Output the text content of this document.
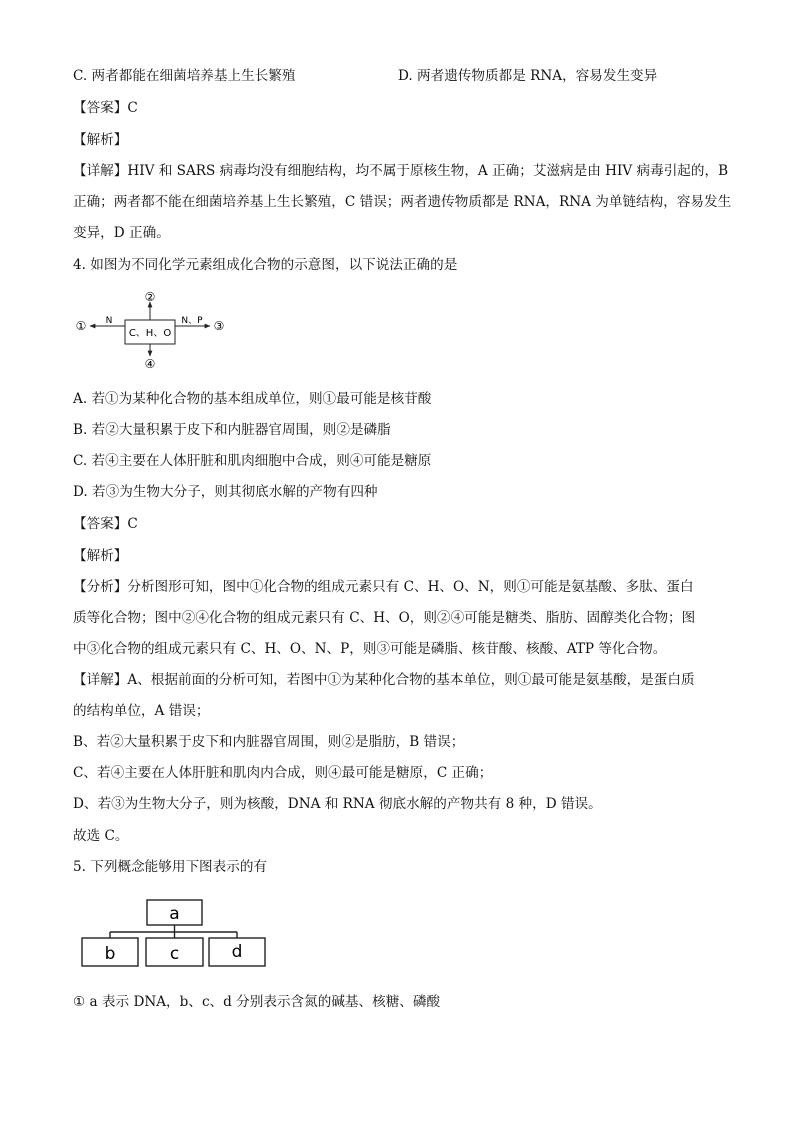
C. 两者都能在细菌培养基上生长繁殖	D. 两者遗传物质都是 RNA，容易发生变异
【答案】C
【解析】
【详解】HIV 和 SARS 病毒均没有细胞结构，均不属于原核生物，A 正确；艾滋病是由 HIV 病毒引起的，B
正确；两者都不能在细菌培养基上生长繁殖，C 错误；两者遗传物质都是 RNA，RNA 为单链结构，容易发生
变异，D 正确。
4. 如图为不同化学元素组成化合物的示意图，以下说法正确的是
C、H、O
N	N、P
①
②
③
④
A. 若①为某种化合物的基本组成单位，则①最可能是核苷酸
B. 若②大量积累于皮下和内脏器官周围，则②是磷脂
C. 若④主要在人体肝脏和肌肉细胞中合成，则④可能是糖原
D. 若③为生物大分子，则其彻底水解的产物有四种
【答案】C
【解析】
【分析】分析图形可知，图中①化合物的组成元素只有 C、H、O、N，则①可能是氨基酸、多肽、蛋白
质等化合物；图中②④化合物的组成元素只有 C、H、O，则②④可能是糖类、脂肪、固醇类化合物；图
中③化合物的组成元素只有 C、H、O、N、P，则③可能是磷脂、核苷酸、核酸、ATP 等化合物。
【详解】A、根据前面的分析可知，若图中①为某种化合物的基本单位，则①最可能是氨基酸，是蛋白质
的结构单位，A 错误；
B、若②大量积累于皮下和内脏器官周围，则②是脂肪，B 错误；
C、若④主要在人体肝脏和肌肉内合成，则④最可能是糖原，C 正确；
D、若③为生物大分子，则为核酸，DNA 和 RNA 彻底水解的产物共有 8 种，D 错误。
故选 C。
5. 下列概念能够用下图表示的有
a
b	c	d
① a 表示 DNA，b、c、d 分别表示含氮的碱基、核糖、磷酸
